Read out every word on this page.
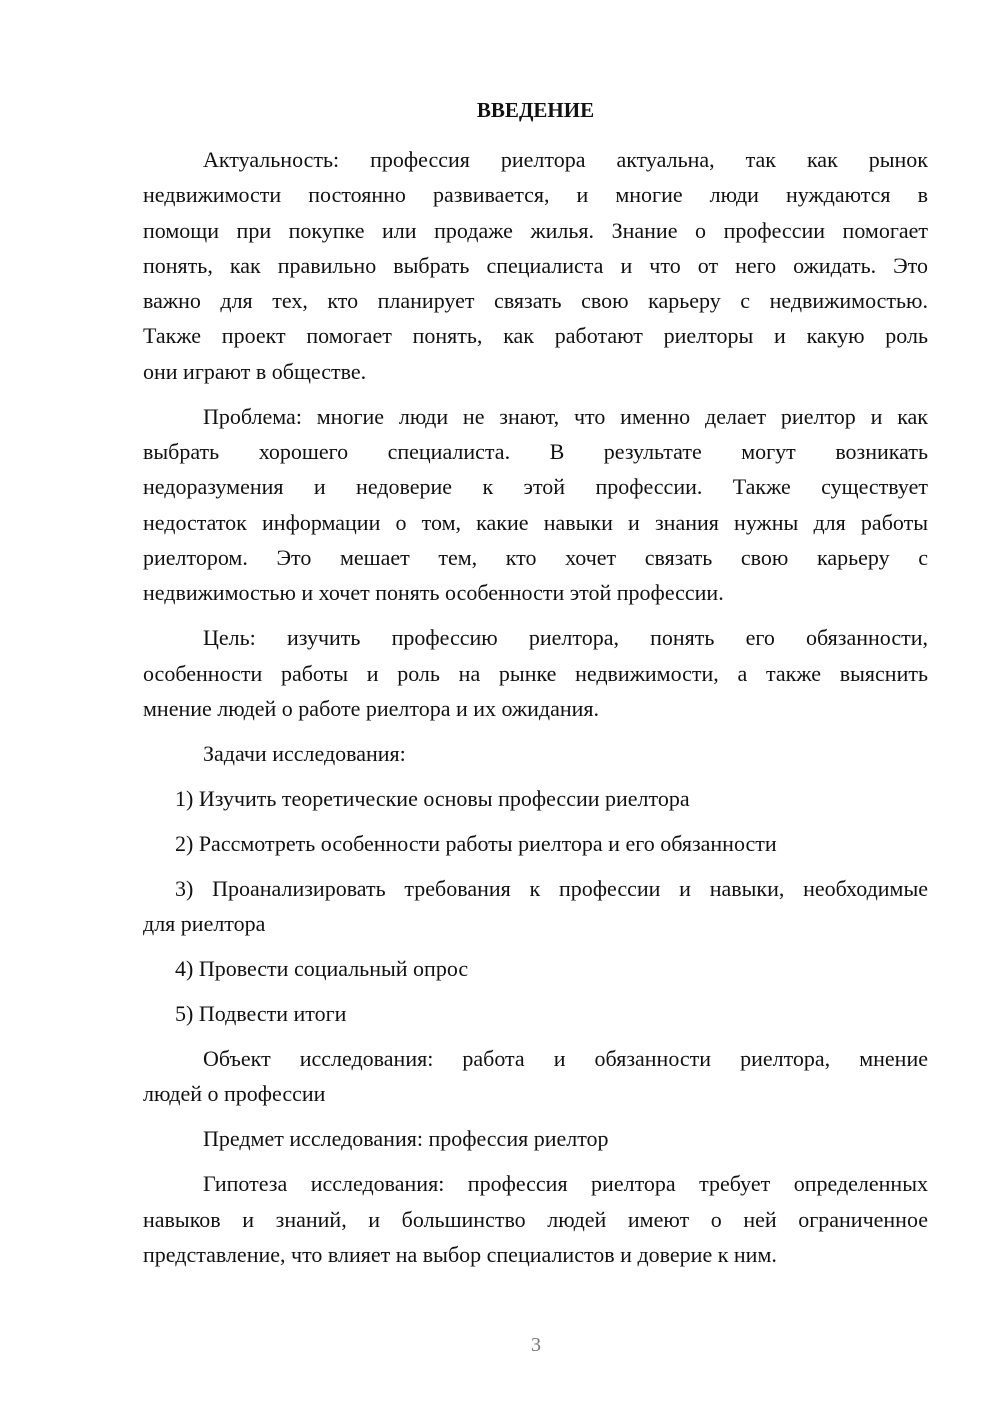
ВВЕДЕНИЕ
Актуальность: профессия риелтора актуальна, так как рынок
недвижимости постоянно развивается, и многие люди нуждаются в
помощи при покупке или продаже жилья. Знание о профессии помогает
понять, как правильно выбрать специалиста и что от него ожидать. Это
важно для тех, кто планирует связать свою карьеру с недвижимостью.
Также проект помогает понять, как работают риелторы и какую роль
они играют в обществе.
Проблема: многие люди не знают, что именно делает риелтор и как
выбрать хорошего специалиста. В результате могут возникать
недоразумения и недоверие к этой профессии. Также существует
недостаток информации о том, какие навыки и знания нужны для работы
риелтором. Это мешает тем, кто хочет связать свою карьеру с
недвижимостью и хочет понять особенности этой профессии.
Цель: изучить профессию риелтора, понять его обязанности,
особенности работы и роль на рынке недвижимости, а также выяснить
мнение людей о работе риелтора и их ожидания.
Задачи исследования:
1) Изучить теоретические основы профессии риелтора
2) Рассмотреть особенности работы риелтора и его обязанности
3) Проанализировать требования к профессии и навыки, необходимые
для риелтора
4) Провести социальный опрос
5) Подвести итоги
Объект исследования: работа и обязанности риелтора, мнение
людей о профессии
Предмет исследования: профессия риелтор
Гипотеза исследования: профессия риелтора требует определенных
навыков и знаний, и большинство людей имеют о ней ограниченное
представление, что влияет на выбор специалистов и доверие к ним.
3
